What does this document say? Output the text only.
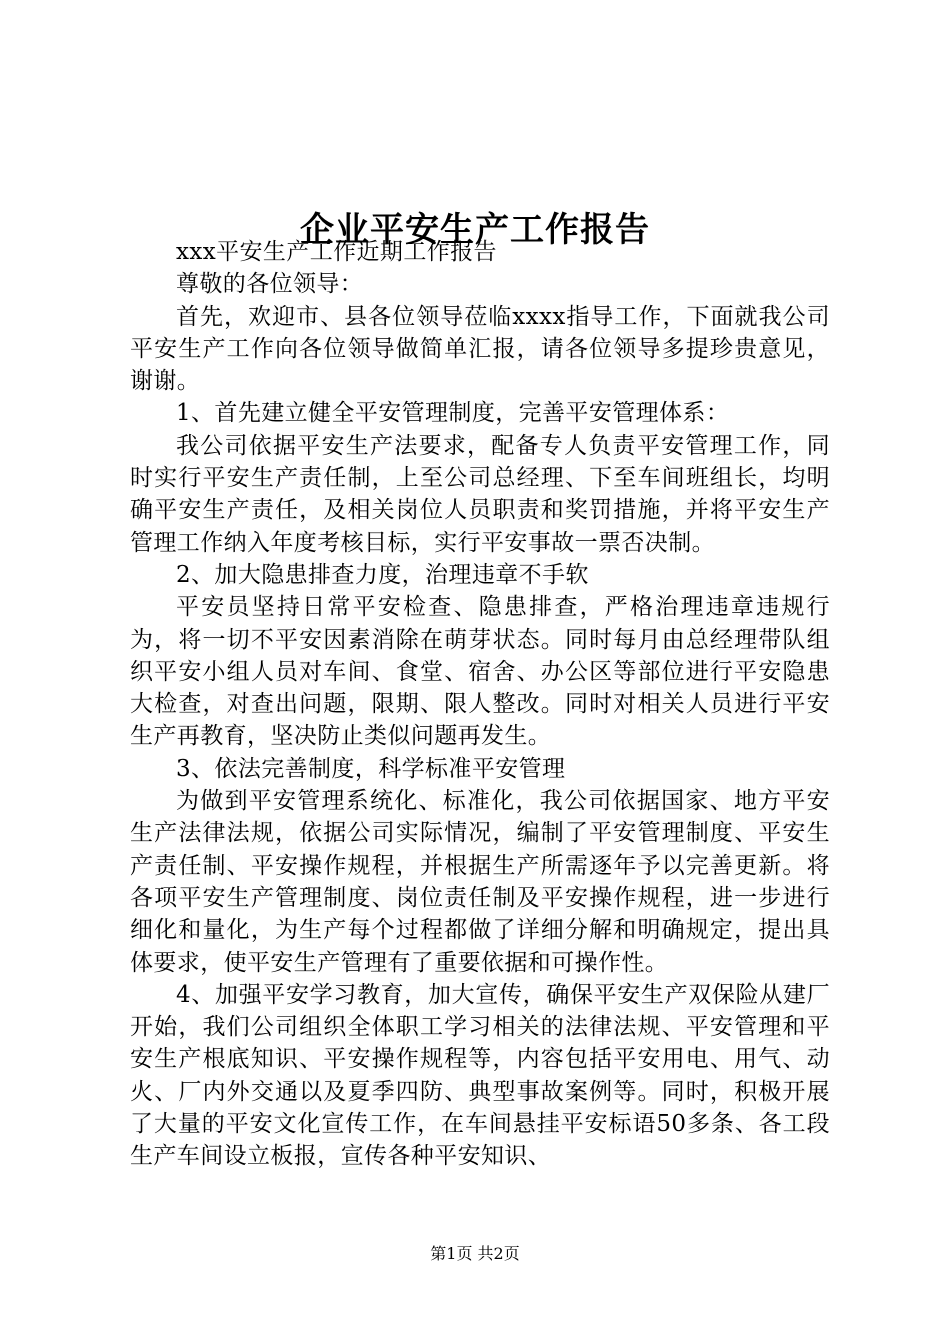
企业平安生产工作报告

xxx平安生产工作近期工作报告

尊敬的各位领导：

首先，欢迎市、县各位领导莅临xxxx指导工作，下面就我公司平安生产工作向各位领导做简单汇报，请各位领导多提珍贵意见，谢谢。

1、首先建立健全平安管理制度，完善平安管理体系：

我公司依据平安生产法要求，配备专人负责平安管理工作，同时实行平安生产责任制，上至公司总经理、下至车间班组长，均明确平安生产责任，及相关岗位人员职责和奖罚措施，并将平安生产管理工作纳入年度考核目标，实行平安事故一票否决制。

2、加大隐患排查力度，治理违章不手软

平安员坚持日常平安检查、隐患排查，严格治理违章违规行为，将一切不平安因素消除在萌芽状态。同时每月由总经理带队组织平安小组人员对车间、食堂、宿舍、办公区等部位进行平安隐患大检查，对查出问题，限期、限人整改。同时对相关人员进行平安生产再教育，坚决防止类似问题再发生。

3、依法完善制度，科学标准平安管理

为做到平安管理系统化、标准化，我公司依据国家、地方平安生产法律法规，依据公司实际情况，编制了平安管理制度、平安生产责任制、平安操作规程，并根据生产所需逐年予以完善更新。将各项平安生产管理制度、岗位责任制及平安操作规程，进一步进行细化和量化，为生产每个过程都做了详细分解和明确规定，提出具体要求，使平安生产管理有了重要依据和可操作性。

4、加强平安学习教育，加大宣传，确保平安生产双保险从建厂开始，我们公司组织全体职工学习相关的法律法规、平安管理和平安生产根底知识、平安操作规程等，内容包括平安用电、用气、动火、厂内外交通以及夏季四防、典型事故案例等。同时，积极开展了大量的平安文化宣传工作，在车间悬挂平安标语50多条、各工段生产车间设立板报，宣传各种平安知识、

第1页 共2页
